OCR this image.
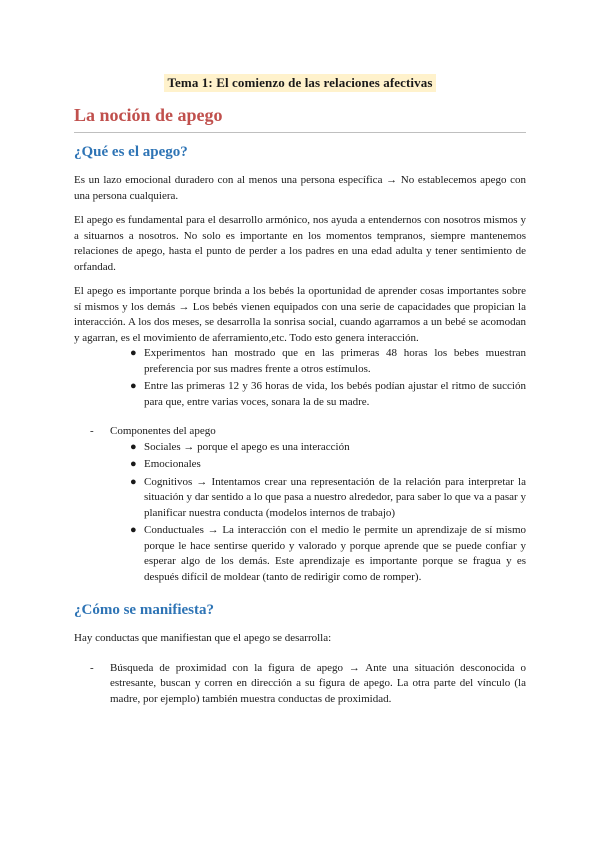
Tema 1: El comienzo de las relaciones afectivas
La noción de apego
¿Qué es el apego?

Es un lazo emocional duradero con al menos una persona específica → No establecemos apego con una persona cualquiera.

El apego es fundamental para el desarrollo armónico, nos ayuda a entendernos con nosotros mismos y a situarnos a nosotros. No solo es importante en los momentos tempranos, siempre mantenemos relaciones de apego, hasta el punto de perder a los padres en una edad adulta y tener sentimiento de orfandad.

El apego es importante porque brinda a los bebés la oportunidad de aprender cosas importantes sobre sí mismos y los demás → Los bebés vienen equipados con una serie de capacidades que propician la interacción. A los dos meses, se desarrolla la sonrisa social, cuando agarramos a un bebé se acomodan y agarran, es el movimiento de aferramiento,etc. Todo esto genera interacción.

● Experimentos han mostrado que en las primeras 48 horas los bebes muestran preferencia por sus madres frente a otros estímulos.
● Entre las primeras 12 y 36 horas de vida, los bebés podían ajustar el ritmo de succión para que, entre varias voces, sonara la de su madre.
- Componentes del apego
● Sociales → porque el apego es una interacción
● Emocionales
● Cognitivos → Intentamos crear una representación de la relación para interpretar la situación y dar sentido a lo que pasa a nuestro alrededor, para saber lo que va a pasar y planificar nuestra conducta (modelos internos de trabajo)
● Conductuales → La interacción con el medio le permite un aprendizaje de sí mismo porque le hace sentirse querido y valorado y porque aprende que se puede confiar y esperar algo de los demás. Este aprendizaje es importante porque se fragua y es después difícil de moldear (tanto de redirigir como de romper).
¿Cómo se manifiesta?

Hay conductas que manifiestan que el apego se desarrolla:

- Búsqueda de proximidad con la figura de apego → Ante una situación desconocida o estresante, buscan y corren en dirección a su figura de apego. La otra parte del vínculo (la madre, por ejemplo) también muestra conductas de proximidad.
